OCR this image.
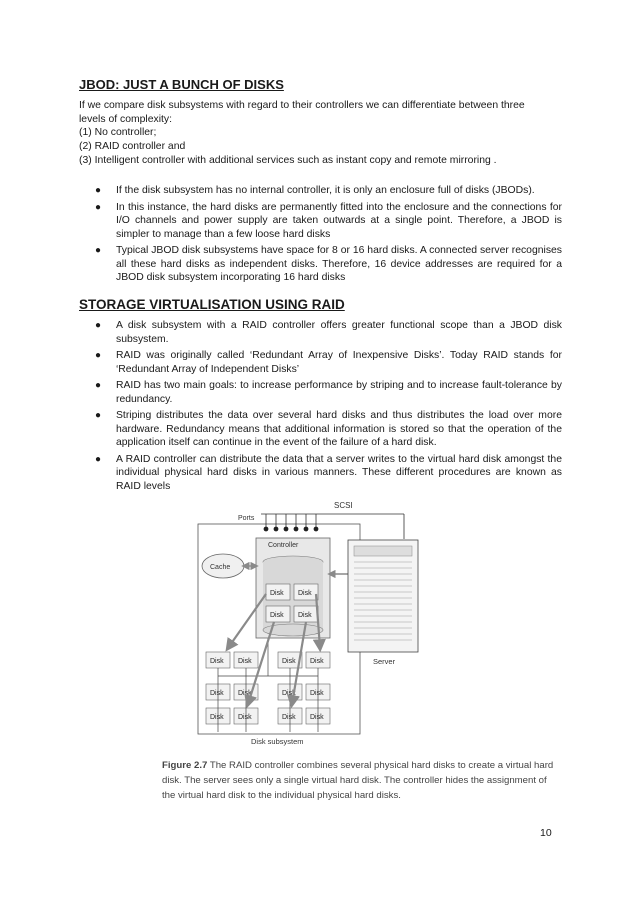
JBOD: JUST A BUNCH OF DISKS
If we compare disk subsystems with regard to their controllers we can differentiate between three
levels of complexity:
(1) No controller;
(2) RAID controller and
(3) Intelligent controller with additional services such as instant copy and remote mirroring .
● If the disk subsystem has no internal controller, it is only an enclosure full of disks (JBODs).
● In this instance, the hard disks are permanently fitted into the enclosure and the connections for I/O channels and power supply are taken outwards at a single point. Therefore, a JBOD is simpler to manage than a few loose hard disks
● Typical JBOD disk subsystems have space for 8 or 16 hard disks. A connected server recognises all these hard disks as independent disks. Therefore, 16 device addresses are required for a JBOD disk subsystem incorporating 16 hard disks
STORAGE VIRTUALISATION USING RAID
● A disk subsystem with a RAID controller offers greater functional scope than a JBOD disk subsystem.
● RAID was originally called ‘Redundant Array of Inexpensive Disks’. Today RAID stands for ‘Redundant Array of Independent Disks’
● RAID has two main goals: to increase performance by striping and to increase fault-tolerance by redundancy.
● Striping distributes the data over several hard disks and thus distributes the load over more hardware. Redundancy means that additional information is stored so that the operation of the application itself can continue in the event of the failure of a hard disk.
● A RAID controller can distribute the data that a server writes to the virtual hard disk amongst the individual physical hard disks in various manners. These different procedures are known as RAID levels
SCSI
Disk subsystem
Ports
Controller
Cache
Disk Disk
Disk Disk
Server
Disk Disk	Disk Disk
Disk Disk	Disk Disk
Disk Disk	Disk Disk
Figure 2.7 The RAID controller combines several physical hard disks to create a virtual hard disk. The server sees only a single virtual hard disk. The controller hides the assignment of the virtual hard disk to the individual physical hard disks.
10
